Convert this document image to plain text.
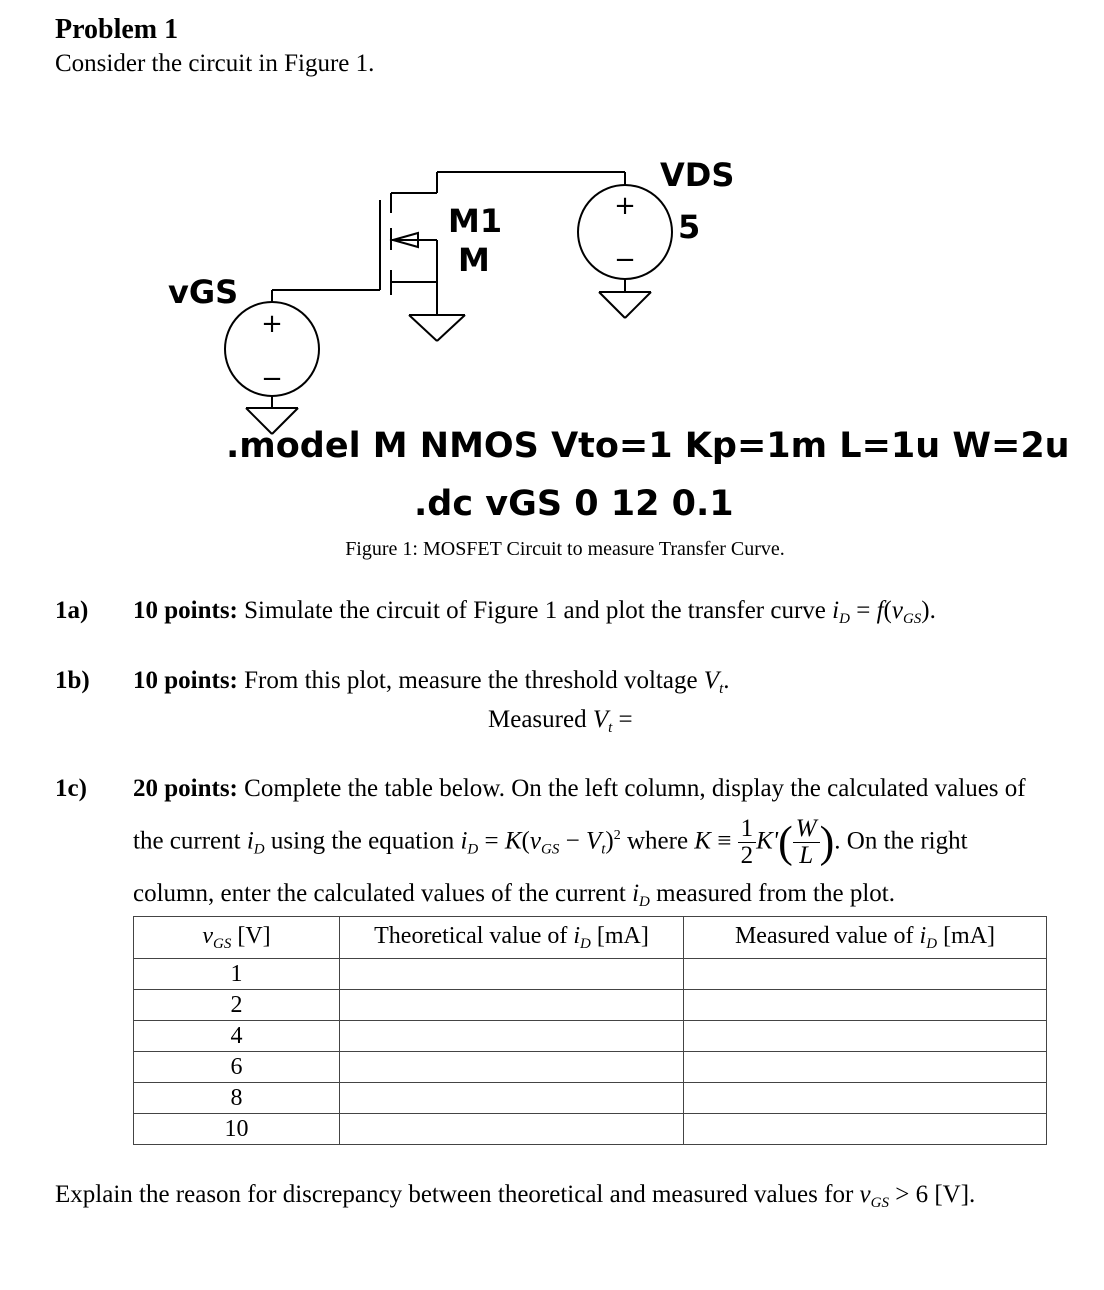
Problem 1
Consider the circuit in Figure 1.
+
−
+
−
VDS
5
M1
M
vGS
.model M NMOS Vto=1 Kp=1m L=1u W=2u
.dc vGS 0 12 0.1
Figure 1: MOSFET Circuit to measure Transfer Curve.
1a) 10 points: Simulate the circuit of Figure 1 and plot the transfer curve $i_D = f(v_{GS})$.
1b) 10 points: From this plot, measure the threshold voltage $V_t$.
Measured $V_t$ =
1c) 20 points: Complete the table below. On the left column, display the calculated values of
the current $i_D$ using the equation $i_D = K(v_{GS} - V_t)^2$ where $K \equiv \frac{1}{2} K'( \frac{W}{L}$ ). On the right
column, enter the calculated values of the current $i_D$ measured from the plot.
$v_{GS}$ [V]	Theoretical value of $i_D$ [mA]	Measured value of $i_D$ [mA]
1		
2		
4		
6		
8		
10		
Explain the reason for discrepancy between theoretical and measured values for $v_{GS} > 6$ [V].
